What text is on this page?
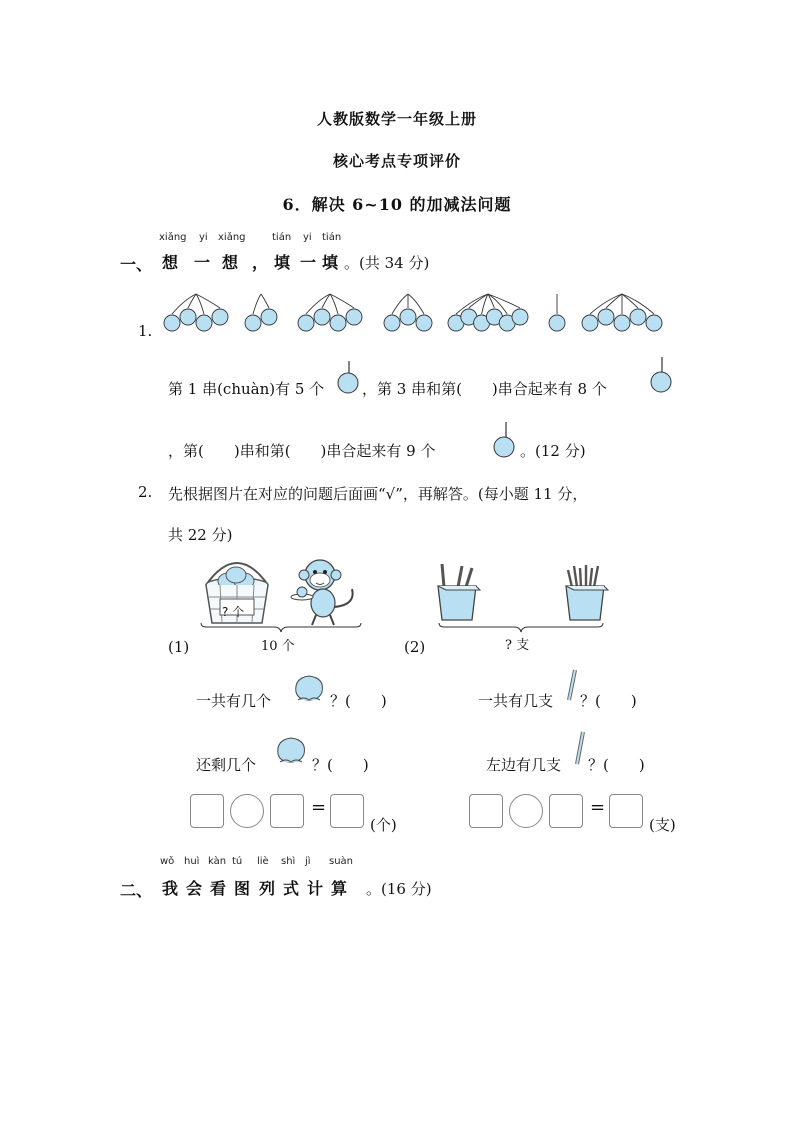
人教版数学一年级上册
核心考点专项评价
6．解决 6~10 的加减法问题
一、
xiǎng yi xiǎng	tián yi tián
想 一 想 ， 填 一 填 。(共 34 分)
1.
第 1 串(chuàn)有 5 个	，第 3 串和第(　　)串合起来有 8 个
，第(　　)串和第(　　)串合起来有 9 个	。(12 分)
2. 先根据图片在对应的问题后面画“√”，再解答。(每小题 11 分，
共 22 分)
? 个
10 个
(1)	? 支
(2)
一共有几个	？(　　)
还剩几个	？(　　)
一共有几支 ？(　　)
左边有几支 ？(　　)
=
(个)
=
(支)
二、
wǒ
我
huì
会
kàn
看
tú
图
liè
列
shì
式
jì
计
suàn
算 。(16 分)
